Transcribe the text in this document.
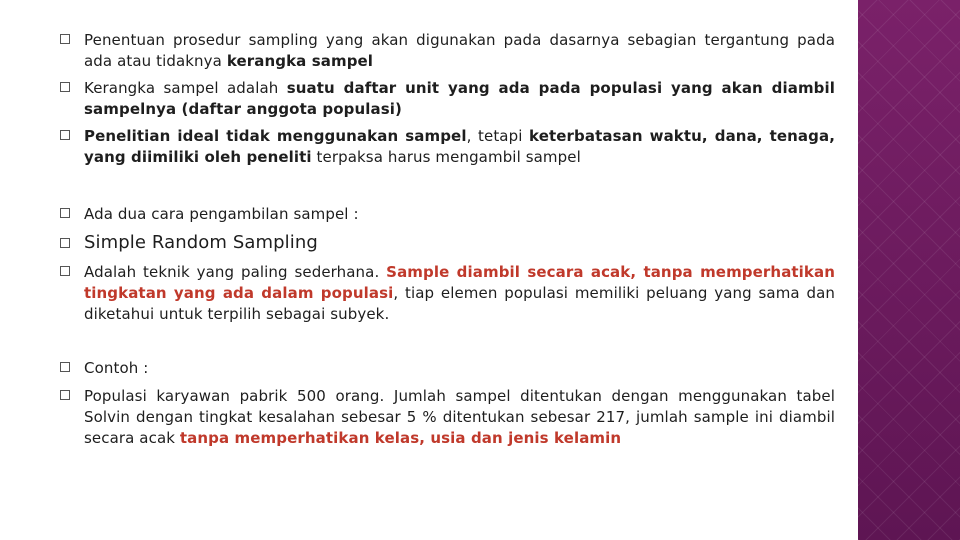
Penentuan prosedur sampling yang akan digunakan pada dasarnya sebagian tergantung pada ada atau tidaknya kerangka sampel
Kerangka sampel adalah suatu daftar unit yang ada pada populasi yang akan diambil sampelnya (daftar anggota populasi)
Penelitian ideal tidak menggunakan sampel, tetapi keterbatasan waktu, dana, tenaga, yang diimiliki oleh peneliti terpaksa harus mengambil sampel
Ada dua cara pengambilan sampel :
Simple Random Sampling
Adalah teknik yang paling sederhana. Sample diambil secara acak, tanpa memperhatikan tingkatan yang ada dalam populasi, tiap elemen populasi memiliki peluang yang sama dan diketahui untuk terpilih sebagai subyek.
Contoh :
Populasi karyawan pabrik 500 orang. Jumlah sampel ditentukan dengan menggunakan tabel Solvin dengan tingkat kesalahan sebesar 5 % ditentukan sebesar 217, jumlah sample ini diambil secara acak tanpa memperhatikan kelas, usia dan jenis kelamin
